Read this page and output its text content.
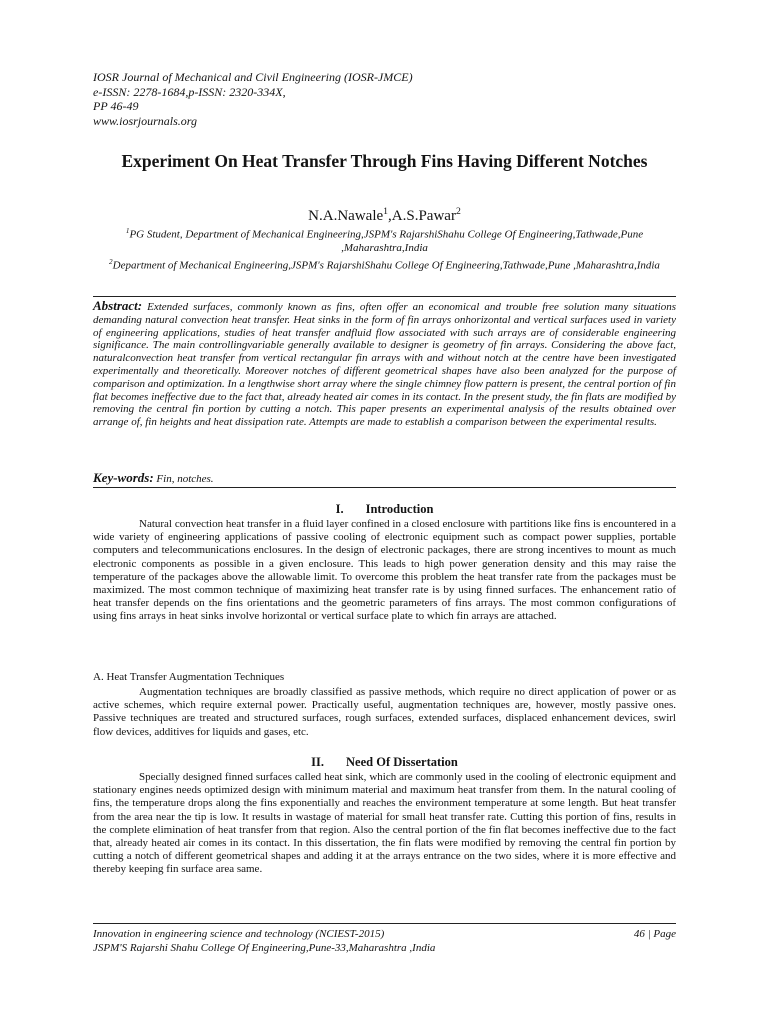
IOSR Journal of Mechanical and Civil Engineering (IOSR-JMCE)
e-ISSN: 2278-1684,p-ISSN: 2320-334X,
PP 46-49
www.iosrjournals.org
Experiment On Heat Transfer Through Fins Having Different Notches
N.A.Nawale$^1$,A.S.Pawar$^2$
$^1$PG Student, Department of Mechanical Engineering,JSPM's RajarshiShahu College Of Engineering,Tathwade,Pune ,Maharashtra,India
$^2$Department of Mechanical Engineering,JSPM's RajarshiShahu College Of Engineering,Tathwade,Pune ,Maharashtra,India
Abstract: Extended surfaces, commonly known as fins, often offer an economical and trouble free solution many situations demanding natural convection heat transfer. Heat sinks in the form of fin arrays onhorizontal and vertical surfaces used in variety of engineering applications, studies of heat transfer andfluid flow associated with such arrays are of considerable engineering significance. The main controllingvariable generally available to designer is geometry of fin arrays. Considering the above fact, naturalconvection heat transfer from vertical rectangular fin arrays with and without notch at the centre have been investigated experimentally and theoretically. Moreover notches of different geometrical shapes have also been analyzed for the purpose of comparison and optimization. In a lengthwise short array where the single chimney flow pattern is present, the central portion of fin flat becomes ineffective due to the fact that, already heated air comes in its contact. In the present study, the fin flats are modified by removing the central fin portion by cutting a notch. This paper presents an experimental analysis of the results obtained over arrange of, fin heights and heat dissipation rate. Attempts are made to establish a comparison between the experimental results.
Key-words: Fin, notches.
I. Introduction

Natural convection heat transfer in a fluid layer confined in a closed enclosure with partitions like fins is encountered in a wide variety of engineering applications of passive cooling of electronic equipment such as compact power supplies, portable computers and telecommunications enclosures. In the design of electronic packages, there are strong incentives to mount as much electronic components as possible in a given enclosure. This leads to high power generation density and this may raise the temperature of the packages above the allowable limit. To overcome this problem the heat transfer rate from the packages must be maximized. The most common technique of maximizing heat transfer rate is by using finned surfaces. The enhancement ratio of heat transfer depends on the fins orientations and the geometric parameters of fins arrays. The most common configurations of using fins arrays in heat sinks involve horizontal or vertical surface plate to which fin arrays are attached.

A. Heat Transfer Augmentation Techniques

Augmentation techniques are broadly classified as passive methods, which require no direct application of power or as active schemes, which require external power. Practically useful, augmentation techniques are, however, mostly passive ones. Passive techniques are treated and structured surfaces, rough surfaces, extended surfaces, displaced enhancement devices, swirl flow devices, additives for liquids and gases, etc.

II. Need Of Dissertation

Specially designed finned surfaces called heat sink, which are commonly used in the cooling of electronic equipment and stationary engines needs optimized design with minimum material and maximum heat transfer from them. In the natural cooling of fins, the temperature drops along the fins exponentially and reaches the environment temperature at some length. But heat transfer from the area near the tip is low. It results in wastage of material for small heat transfer rate. Cutting this portion of fins, results in the complete elimination of heat transfer from that region. Also the central portion of the fin flat becomes ineffective due to the fact that, already heated air comes in its contact. In this dissertation, the fin flats were modified by removing the central fin portion by cutting a notch of different geometrical shapes and adding it at the arrays entrance on the two sides, where it is more effective and thereby keeping fin surface area same.

Innovation in engineering science and technology (NCIEST-2015)	46 | Page
JSPM'S Rajarshi Shahu College Of Engineering,Pune-33,Maharashtra ,India
